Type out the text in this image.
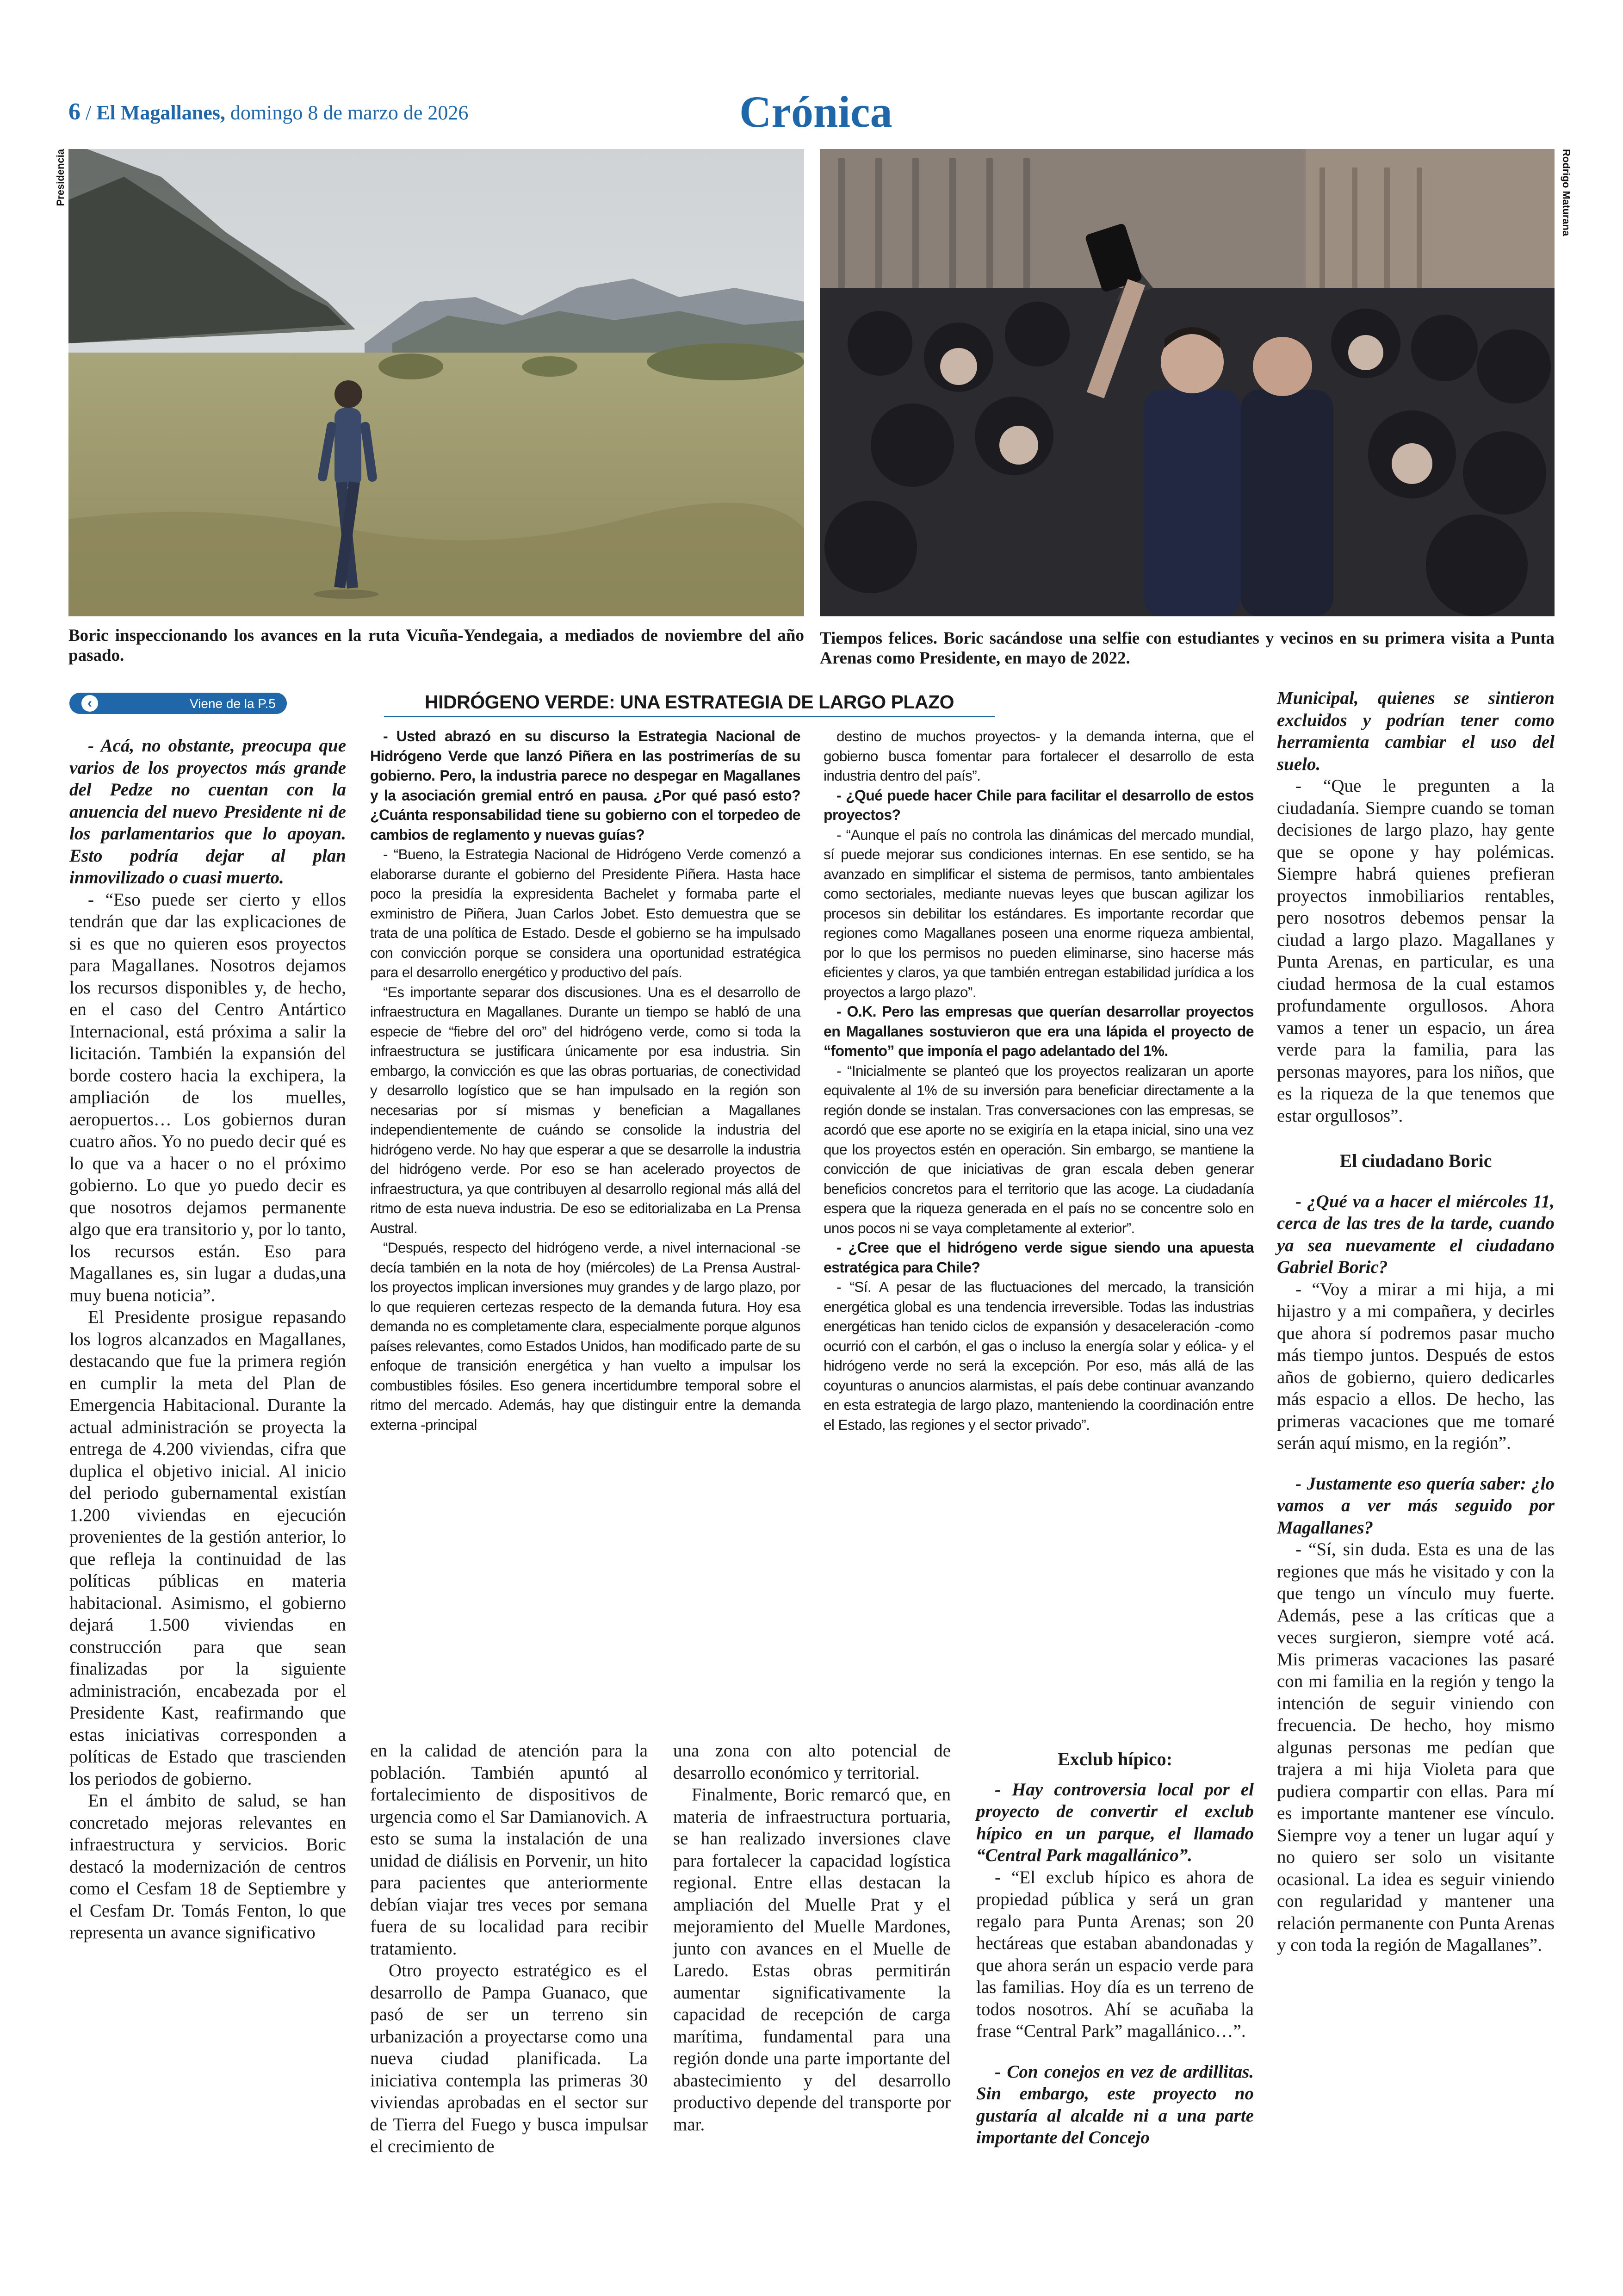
6 / El Magallanes, domingo 8 de marzo de 2026	Crónica
Presidencia
Boric inspeccionando los avances en la ruta Vicuña-Yendegaia, a mediados de noviembre del año pasado.
Rodrigo Maturana
Tiempos felices. Boric sacándose una selfie con estudiantes y vecinos en su primera visita a Punta Arenas como Presidente, en mayo de 2022.
‹	Viene de la P.5	HIDRÓGENO VERDE: UNA ESTRATEGIA DE LARGO PLAZO

- Acá, no obstante, preocupa que varios de los proyectos más grande del Pedze no cuentan con la anuencia del nuevo Presidente ni de los parlamentarios que lo apoyan. Esto podría dejar al plan inmovilizado o cuasi muerto.

- “Eso puede ser cierto y ellos tendrán que dar las explicaciones de si es que no quieren esos proyectos para Magallanes. Nosotros dejamos los recursos disponibles y, de hecho, en el caso del Centro Antártico Internacional, está próxima a salir la licitación. También la expansión del borde costero hacia la exchipera, la ampliación de los muelles, aeropuertos… Los gobiernos duran cuatro años. Yo no puedo decir qué es lo que va a hacer o no el próximo gobierno. Lo que yo puedo decir es que nosotros dejamos permanente algo que era transitorio y, por lo tanto, los recursos están. Eso para Magallanes es, sin lugar a dudas,una muy buena noticia”.

El Presidente prosigue repasando los logros alcanzados en Magallanes, destacando que fue la primera región en cumplir la meta del Plan de Emergencia Habitacional. Durante la actual administración se proyecta la entrega de 4.200 viviendas, cifra que duplica el objetivo inicial. Al inicio del periodo gubernamental existían 1.200 viviendas en ejecución provenientes de la gestión anterior, lo que refleja la continuidad de las políticas públicas en materia habitacional. Asimismo, el gobierno dejará 1.500 viviendas en construcción para que sean finalizadas por la siguiente administración, encabezada por el Presidente Kast, reafirmando que estas iniciativas corresponden a políticas de Estado que trascienden los periodos de gobierno.

En el ámbito de salud, se han concretado mejoras relevantes en infraestructura y servicios. Boric destacó la modernización de centros como el Cesfam 18 de Septiembre y el Cesfam Dr. Tomás Fenton, lo que representa un avance significativo

- Usted abrazó en su discurso la Estrategia Nacional de Hidrógeno Verde que lanzó Piñera en las postrimerías de su gobierno. Pero, la industria parece no despegar en Magallanes y la asociación gremial entró en pausa. ¿Por qué pasó esto? ¿Cuánta responsabilidad tiene su gobierno con el torpedeo de cambios de reglamento y nuevas guías?

- “Bueno, la Estrategia Nacional de Hidrógeno Verde comenzó a elaborarse durante el gobierno del Presidente Piñera. Hasta hace poco la presidía la expresidenta Bachelet y formaba parte el exministro de Piñera, Juan Carlos Jobet. Esto demuestra que se trata de una política de Estado. Desde el gobierno se ha impulsado con convicción porque se considera una oportunidad estratégica para el desarrollo energético y productivo del país.

“Es importante separar dos discusiones. Una es el desarrollo de infraestructura en Magallanes. Durante un tiempo se habló de una especie de “fiebre del oro” del hidrógeno verde, como si toda la infraestructura se justificara únicamente por esa industria. Sin embargo, la convicción es que las obras portuarias, de conectividad y desarrollo logístico que se han impulsado en la región son necesarias por sí mismas y benefician a Magallanes independientemente de cuándo se consolide la industria del hidrógeno verde. No hay que esperar a que se desarrolle la industria del hidrógeno verde. Por eso se han acelerado proyectos de infraestructura, ya que contribuyen al desarrollo regional más allá del ritmo de esta nueva industria. De eso se editorializaba en La Prensa Austral.

“Después, respecto del hidrógeno verde, a nivel internacional -se decía también en la nota de hoy (miércoles) de La Prensa Austral- los proyectos implican inversiones muy grandes y de largo plazo, por lo que requieren certezas respecto de la demanda futura. Hoy esa demanda no es completamente clara, especialmente porque algunos países relevantes, como Estados Unidos, han modificado parte de su enfoque de transición energética y han vuelto a impulsar los combustibles fósiles. Eso genera incertidumbre temporal sobre el ritmo del mercado. Además, hay que distinguir entre la demanda externa -principal

destino de muchos proyectos- y la demanda interna, que el gobierno busca fomentar para fortalecer el desarrollo de esta industria dentro del país”.

- ¿Qué puede hacer Chile para facilitar el desarrollo de estos proyectos?

- “Aunque el país no controla las dinámicas del mercado mundial, sí puede mejorar sus condiciones internas. En ese sentido, se ha avanzado en simplificar el sistema de permisos, tanto ambientales como sectoriales, mediante nuevas leyes que buscan agilizar los procesos sin debilitar los estándares. Es importante recordar que regiones como Magallanes poseen una enorme riqueza ambiental, por lo que los permisos no pueden eliminarse, sino hacerse más eficientes y claros, ya que también entregan estabilidad jurídica a los proyectos a largo plazo”.

- O.K. Pero las empresas que querían desarrollar proyectos en Magallanes sostuvieron que era una lápida el proyecto de “fomento” que imponía el pago adelantado del 1%.

- “Inicialmente se planteó que los proyectos realizaran un aporte equivalente al 1% de su inversión para beneficiar directamente a la región donde se instalan. Tras conversaciones con las empresas, se acordó que ese aporte no se exigiría en la etapa inicial, sino una vez que los proyectos estén en operación. Sin embargo, se mantiene la convicción de que iniciativas de gran escala deben generar beneficios concretos para el territorio que las acoge. La ciudadanía espera que la riqueza generada en el país no se concentre solo en unos pocos ni se vaya completamente al exterior”.

- ¿Cree que el hidrógeno verde sigue siendo una apuesta estratégica para Chile?

- “Sí. A pesar de las fluctuaciones del mercado, la transición energética global es una tendencia irreversible. Todas las industrias energéticas han tenido ciclos de expansión y desaceleración -como ocurrió con el carbón, el gas o incluso la energía solar y eólica- y el hidrógeno verde no será la excepción. Por eso, más allá de las coyunturas o anuncios alarmistas, el país debe continuar avanzando en esta estrategia de largo plazo, manteniendo la coordinación entre el Estado, las regiones y el sector privado”.

en la calidad de atención para la población. También apuntó al fortalecimiento de dispositivos de urgencia como el Sar Damianovich. A esto se suma la instalación de una unidad de diálisis en Porvenir, un hito para pacientes que anteriormente debían viajar tres veces por semana fuera de su localidad para recibir tratamiento.

Otro proyecto estratégico es el desarrollo de Pampa Guanaco, que pasó de ser un terreno sin urbanización a proyectarse como una nueva ciudad planificada. La iniciativa contempla las primeras 30 viviendas aprobadas en el sector sur de Tierra del Fuego y busca impulsar el crecimiento de

una zona con alto potencial de desarrollo económico y territorial.

Finalmente, Boric remarcó que, en materia de infraestructura portuaria, se han realizado inversiones clave para fortalecer la capacidad logística regional. Entre ellas destacan la ampliación del Muelle Prat y el mejoramiento del Muelle Mardones, junto con avances en el Muelle de Laredo. Estas obras permitirán aumentar significativamente la capacidad de recepción de carga marítima, fundamental para una región donde una parte importante del abastecimiento y del desarrollo productivo depende del transporte por mar.

Exclub hípico:

- Hay controversia local por el proyecto de convertir el exclub hípico en un parque, el llamado “Central Park magallánico”.

- “El exclub hípico es ahora de propiedad pública y será un gran regalo para Punta Arenas; son 20 hectáreas que estaban abandonadas y que ahora serán un espacio verde para las familias. Hoy día es un terreno de todos nosotros. Ahí se acuñaba la frase “Central Park” magallánico…”.

- Con conejos en vez de ardillitas. Sin embargo, este proyecto no gustaría al alcalde ni a una parte importante del Concejo

Municipal, quienes se sintieron excluidos y podrían tener como herramienta cambiar el uso del suelo.

- “Que le pregunten a la ciudadanía. Siempre cuando se toman decisiones de largo plazo, hay gente que se opone y hay polémicas. Siempre habrá quienes prefieran proyectos inmobiliarios rentables, pero nosotros debemos pensar la ciudad a largo plazo. Magallanes y Punta Arenas, en particular, es una ciudad hermosa de la cual estamos profundamente orgullosos. Ahora vamos a tener un espacio, un área verde para la familia, para las personas mayores, para los niños, que es la riqueza de la que tenemos que estar orgullosos”.

El ciudadano Boric

- ¿Qué va a hacer el miércoles 11, cerca de las tres de la tarde, cuando ya sea nuevamente el ciudadano Gabriel Boric?

- “Voy a mirar a mi hija, a mi hijastro y a mi compañera, y decirles que ahora sí podremos pasar mucho más tiempo juntos. Después de estos años de gobierno, quiero dedicarles más espacio a ellos. De hecho, las primeras vacaciones que me tomaré serán aquí mismo, en la región”.

- Justamente eso quería saber: ¿lo vamos a ver más seguido por Magallanes?

- “Sí, sin duda. Esta es una de las regiones que más he visitado y con la que tengo un vínculo muy fuerte. Además, pese a las críticas que a veces surgieron, siempre voté acá. Mis primeras vacaciones las pasaré con mi familia en la región y tengo la intención de seguir viniendo con frecuencia. De hecho, hoy mismo algunas personas me pedían que trajera a mi hija Violeta para que pudiera compartir con ellas. Para mí es importante mantener ese vínculo. Siempre voy a tener un lugar aquí y no quiero ser solo un visitante ocasional. La idea es seguir viniendo con regularidad y mantener una relación permanente con Punta Arenas y con toda la región de Magallanes”.
